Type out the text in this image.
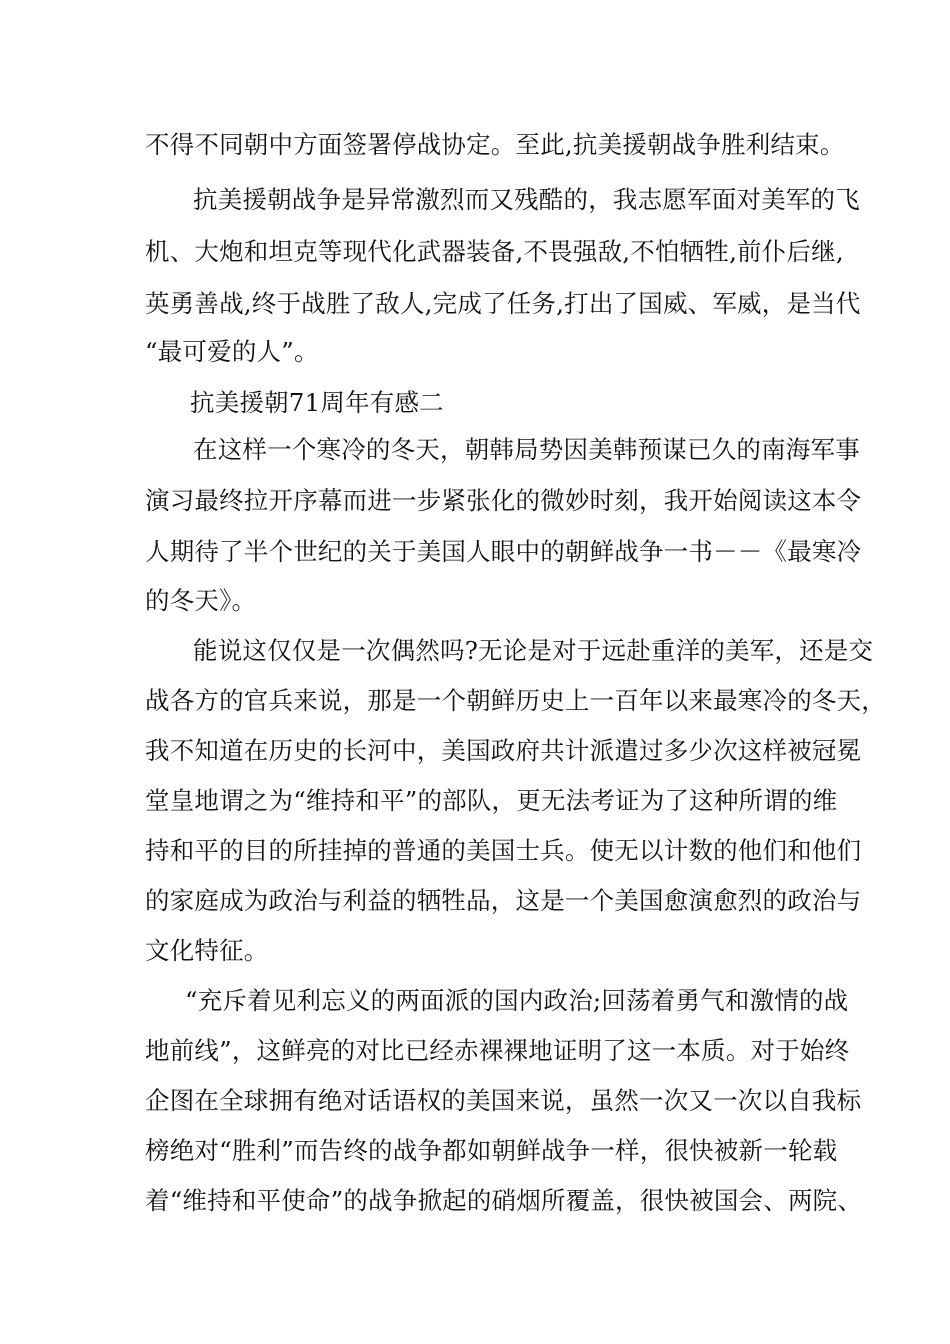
不得不同朝中方面签署停战协定。至此,抗美援朝战争胜利结束。
抗美援朝战争是异常激烈而又残酷的，我志愿军面对美军的飞
机、大炮和坦克等现代化武器装备,不畏强敌,不怕牺牲,前仆后继,
英勇善战,终于战胜了敌人,完成了任务,打出了国威、军威，是当代
“最可爱的人”。
抗美援朝71周年有感二
在这样一个寒冷的冬天，朝韩局势因美韩预谋已久的南海军事
演习最终拉开序幕而进一步紧张化的微妙时刻，我开始阅读这本令
人期待了半个世纪的关于美国人眼中的朝鲜战争一书－－《最寒冷
的冬天》。
能说这仅仅是一次偶然吗?无论是对于远赴重洋的美军，还是交
战各方的官兵来说，那是一个朝鲜历史上一百年以来最寒冷的冬天，
我不知道在历史的长河中，美国政府共计派遣过多少次这样被冠冕
堂皇地谓之为“维持和平”的部队，更无法考证为了这种所谓的维
持和平的目的所挂掉的普通的美国士兵。使无以计数的他们和他们
的家庭成为政治与利益的牺牲品，这是一个美国愈演愈烈的政治与
文化特征。
“充斥着见利忘义的两面派的国内政治;回荡着勇气和激情的战
地前线”，这鲜亮的对比已经赤裸裸地证明了这一本质。对于始终
企图在全球拥有绝对话语权的美国来说，虽然一次又一次以自我标
榜绝对“胜利”而告终的战争都如朝鲜战争一样，很快被新一轮载
着“维持和平使命”的战争掀起的硝烟所覆盖，很快被国会、两院、
